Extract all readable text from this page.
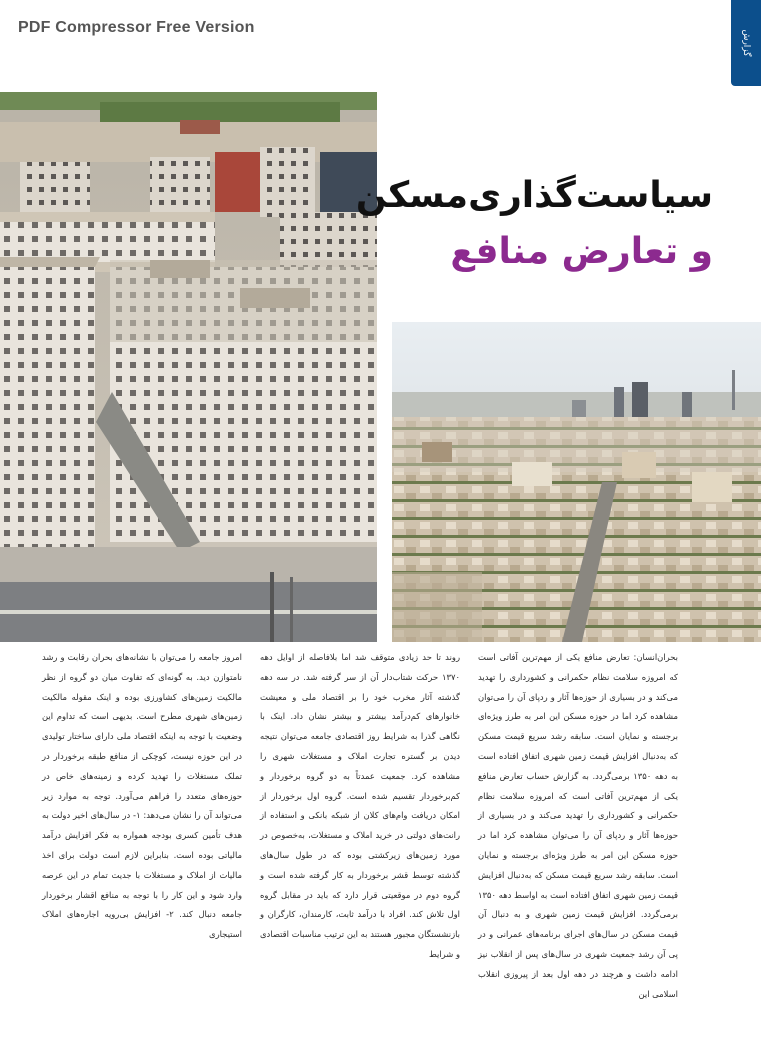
PDF Compressor Free Version
گزارش
سیاست‌گذاری‌مسکن
و تعارض منافع

بحران‌انسان: تعارض منافع یکی از مهم‌ترین آفاتی است که امروزه سلامت نظام حکمرانی و کشورداری را تهدید می‌کند و در بسیاری از حوزه‌ها آثار و ردپای آن را می‌توان مشاهده کرد اما در حوزه مسکن این امر به طرز ویژه‌ای برجسته و نمایان است. سابقه رشد سریع قیمت مسکن که به‌دنبال افزایش قیمت زمین شهری اتفاق افتاده است به دهه ۱۳۵۰ برمی‌گردد. به گزارش حساب تعارض منافع یکی از مهم‌ترین آفاتی است که امروزه سلامت نظام حکمرانی و کشورداری را تهدید می‌کند و در بسیاری از حوزه‌ها آثار و ردپای آن را می‌توان مشاهده کرد اما در حوزه مسکن این امر به طرز ویژه‌ای برجسته و نمایان است. سابقه رشد سریع قیمت مسکن که به‌دنبال افزایش قیمت زمین شهری اتفاق افتاده است به اواسط دهه ۱۳۵۰ برمی‌گردد. افزایش قیمت زمین شهری و به دنبال آن قیمت مسکن در سال‌های اجرای برنامه‌های عمرانی و در پی آن رشد جمعیت شهری در سال‌های پس از انقلاب نیز ادامه داشت و هرچند در دهه اول بعد از پیروزی انقلاب اسلامی این

روند تا حد زیادی متوقف شد اما بلافاصله از اوایل دهه ۱۳۷۰ حرکت شتاب‌دار آن از سر گرفته شد. در سه دهه گذشته آثار مخرب خود را بر اقتصاد ملی و معیشت خانوارهای کم‌درآمد بیشتر و بیشتر نشان داد. اینک با نگاهی گذرا به شرایط روز اقتصادی جامعه می‌توان نتیجه دیدن بر گستره تجارت املاک و مستغلات شهری را مشاهده کرد. جمعیت عمدتاً به دو گروه برخوردار و کم‌برخوردار تقسیم شده است. گروه اول برخوردار از امکان دریافت وام‌های کلان از شبکه بانکی و استفاده از رانت‌های دولتی در خرید املاک و مستغلات، به‌خصوص در مورد زمین‌های زیرکشتی بوده که در طول سال‌های گذشته توسط قشر برخوردار به کار گرفته شده است و گروه دوم در موقعیتی قرار دارد که باید در مقابل گروه اول تلاش کند. افراد با درآمد ثابت، کارمندان، کارگران و بازنشستگان مجبور هستند به این ترتیب مناسبات اقتصادی و شرایط

امروز جامعه را می‌توان با نشانه‌های بحران رقابت و رشد نامتوازن دید. به گونه‌ای که تفاوت میان دو گروه از نظر مالکیت زمین‌های کشاورزی بوده و اینک مقوله مالکیت زمین‌های شهری مطرح است. بدیهی است که تداوم این وضعیت با توجه به اینکه اقتصاد ملی دارای ساختار تولیدی در این حوزه نیست، کوچکی از منافع طبقه برخوردار در تملک مستغلات را تهدید کرده و زمینه‌های خاص در حوزه‌های متعدد را فراهم می‌آورد. توجه به موارد زیر می‌تواند آن را نشان می‌دهد: ۱- در سال‌های اخیر دولت به هدف تأمین کسری بودجه همواره به فکر افزایش درآمد مالیاتی بوده است. بنابراین لازم است دولت برای اخذ مالیات از املاک و مستغلات با جدیت تمام در این عرصه وارد شود و این کار را با توجه به منافع اقشار برخوردار جامعه دنبال کند. ۲- افزایش بی‌رویه اجاره‌های املاک استیجاری
